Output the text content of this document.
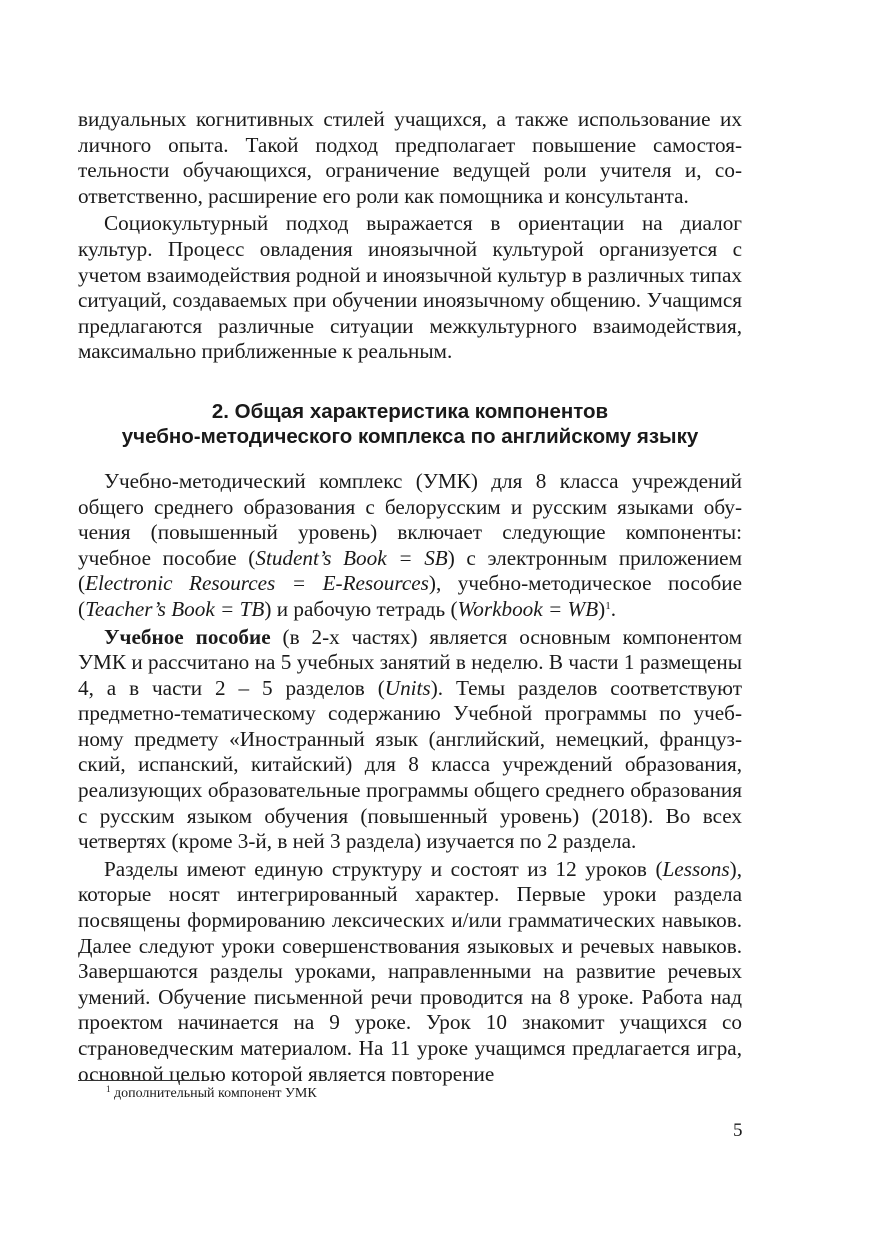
видуальных когнитивных стилей учащихся, а также использование их личного опыта. Такой подход предполагает повышение самостоятельности обучающихся, ограничение ведущей роли учителя и, соответственно, расширение его роли как помощника и консультанта.

Социокультурный подход выражается в ориентации на диалог культур. Процесс овладения иноязычной культурой организуется с учетом взаимодействия родной и иноязычной культур в различных типах ситуаций, создаваемых при обучении иноязычному общению. Учащимся предлагаются различные ситуации межкультурного взаимодействия, максимально приближенные к реальным.

2. Общая характеристика компонентов
учебно-методического комплекса по английскому языку

Учебно-методический комплекс (УМК) для 8 класса учреждений общего среднего образования с белорусским и русским языками обучения (повышенный уровень) включает следующие компоненты: учебное пособие (Student’s Book = SB) с электронным приложением (Electronic Resources = E-Resources), учебно-методическое пособие (Teacher’s Book = TB) и рабочую тетрадь (Workbook = WB)$^1$.

Учебное пособие (в 2-х частях) является основным компонентом УМК и рассчитано на 5 учебных занятий в неделю. В части 1 размещены 4, а в части 2 – 5 разделов (Units). Темы разделов соответствуют предметно-тематическому содержанию Учебной программы по учебному предмету «Иностранный язык (английский, немецкий, французский, испанский, китайский) для 8 класса учреждений образования, реализующих образовательные программы общего среднего образования с русским языком обучения (повышенный уровень) (2018). Во всех четвертях (кроме 3-й, в ней 3 раздела) изучается по 2 раздела.

Разделы имеют единую структуру и состоят из 12 уроков (Lessons), которые носят интегрированный характер. Первые уроки раздела посвящены формированию лексических и/или грамматических навыков. Далее следуют уроки совершенствования языковых и речевых навыков. Завершаются разделы уроками, направленными на развитие речевых умений. Обучение письменной речи проводится на 8 уроке. Работа над проектом начинается на 9 уроке. Урок 10 знакомит учащихся со страноведческим материалом. На 11 уроке учащимся предлагается игра, основной целью которой является повторение

$^1$ дополнительный компонент УМК
5
